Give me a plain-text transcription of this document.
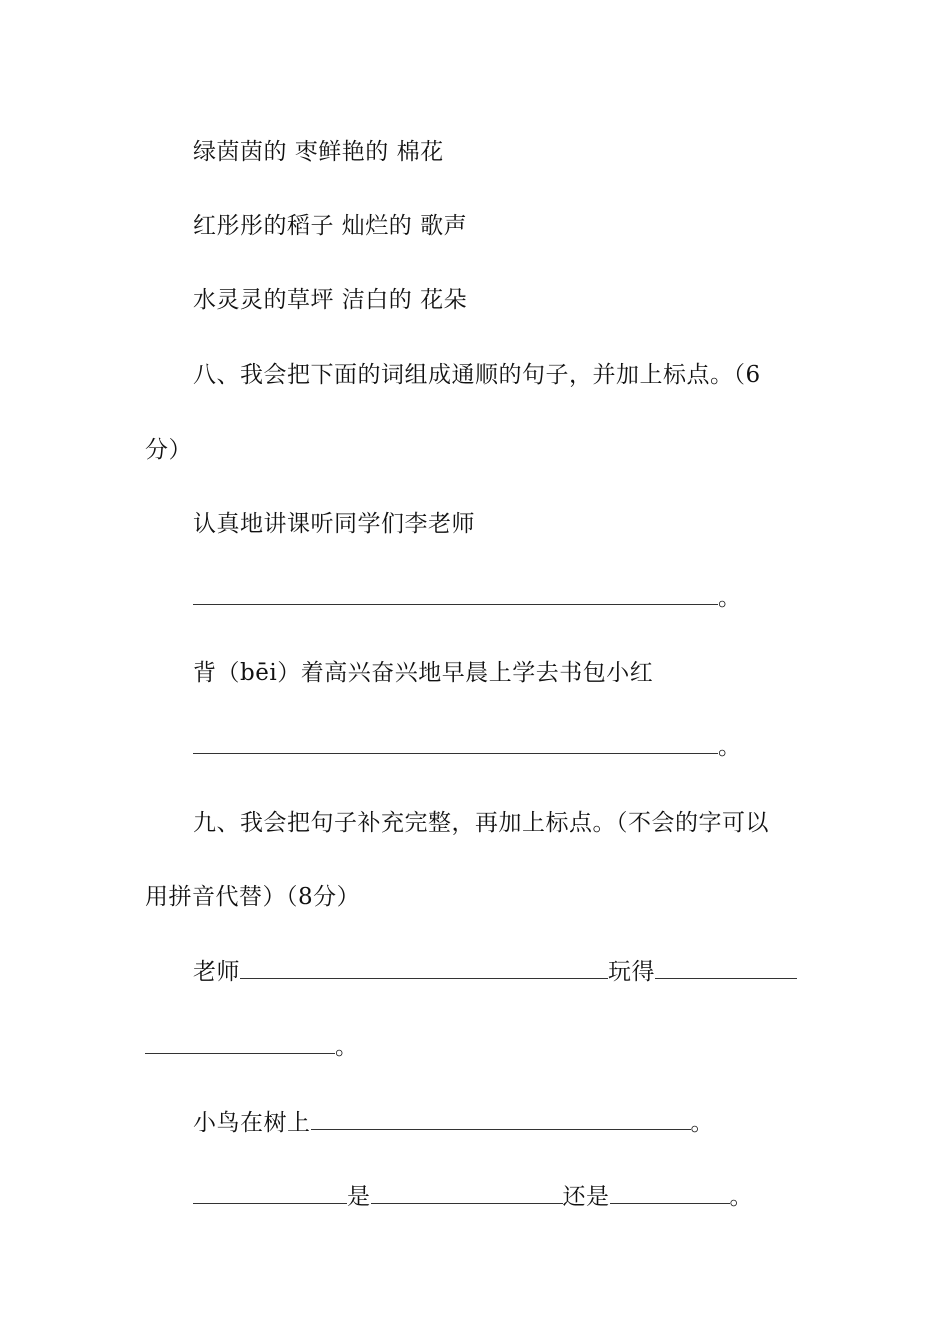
绿茵茵的 枣鲜艳的 棉花
红彤彤的稻子 灿烂的 歌声
水灵灵的草坪 洁白的 花朵
八、我会把下面的词组成通顺的句子，并加上标点。（6
分）
认真地讲课听同学们李老师
。
背（bēi）着高兴奋兴地早晨上学去书包小红
。
九、我会把句子补充完整，再加上标点。（不会的字可以
用拼音代替）（8分）
老师	玩得
。
小鸟在树上	。
是	还是	。
